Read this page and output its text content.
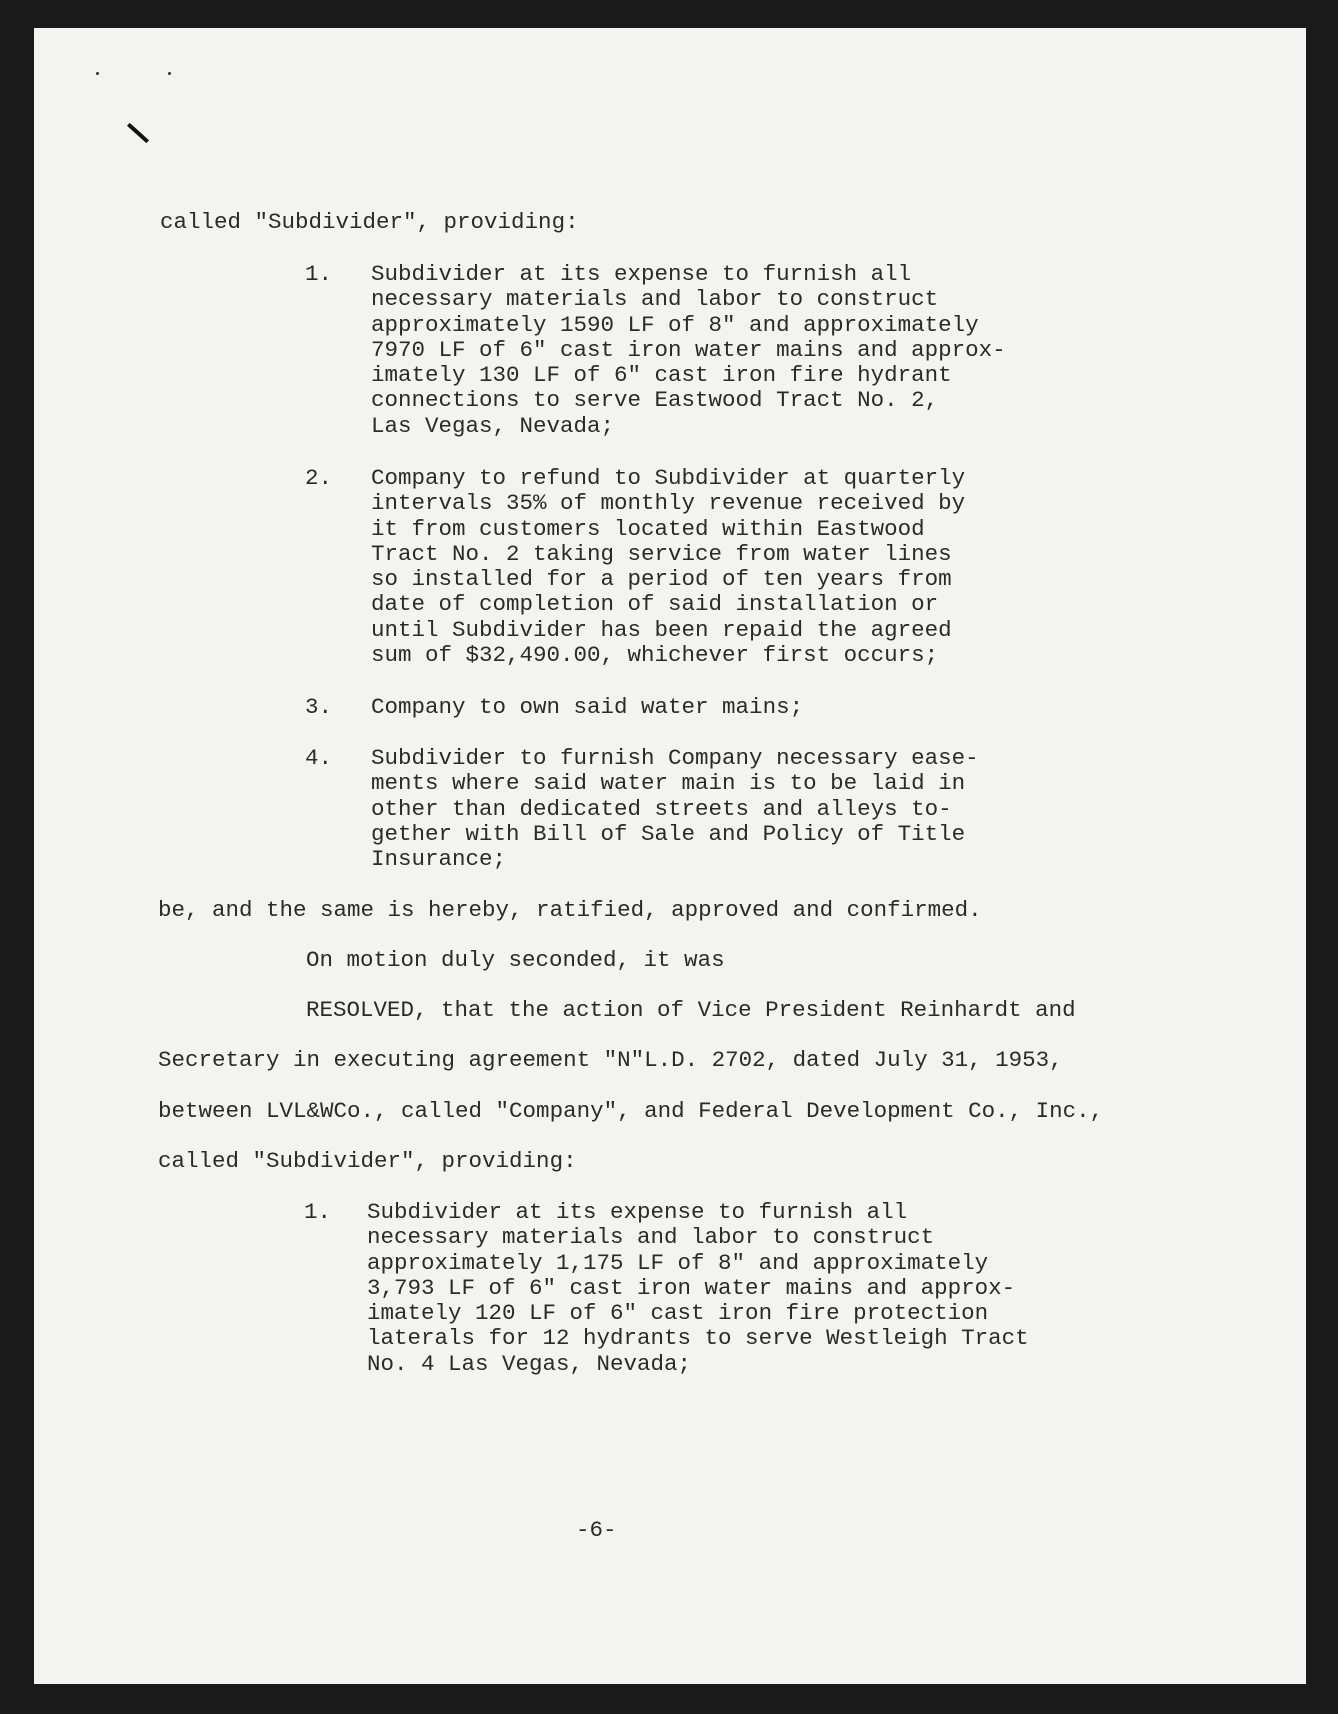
called "Subdivider", providing:

1. Subdivider at its expense to furnish all
necessary materials and labor to construct
approximately 1590 LF of 8" and approximately
7970 LF of 6" cast iron water mains and approx-
imately 130 LF of 6" cast iron fire hydrant
connections to serve Eastwood Tract No. 2,
Las Vegas, Nevada;

2. Company to refund to Subdivider at quarterly
intervals 35% of monthly revenue received by
it from customers located within Eastwood
Tract No. 2 taking service from water lines
so installed for a period of ten years from
date of completion of said installation or
until Subdivider has been repaid the agreed
sum of $32,490.00, whichever first occurs;

3. Company to own said water mains;

4. Subdivider to furnish Company necessary ease-
ments where said water main is to be laid in
other than dedicated streets and alleys to-
gether with Bill of Sale and Policy of Title
Insurance;

be, and the same is hereby, ratified, approved and confirmed.

On motion duly seconded, it was

RESOLVED, that the action of Vice President Reinhardt and

Secretary in executing agreement "N"L.D. 2702, dated July 31, 1953,

between LVL&WCo., called "Company", and Federal Development Co., Inc.,

called "Subdivider", providing:

1. Subdivider at its expense to furnish all
necessary materials and labor to construct
approximately 1,175 LF of 8" and approximately
3,793 LF of 6" cast iron water mains and approx-
imately 120 LF of 6" cast iron fire protection
laterals for 12 hydrants to serve Westleigh Tract
No. 4 Las Vegas, Nevada;

-6-
